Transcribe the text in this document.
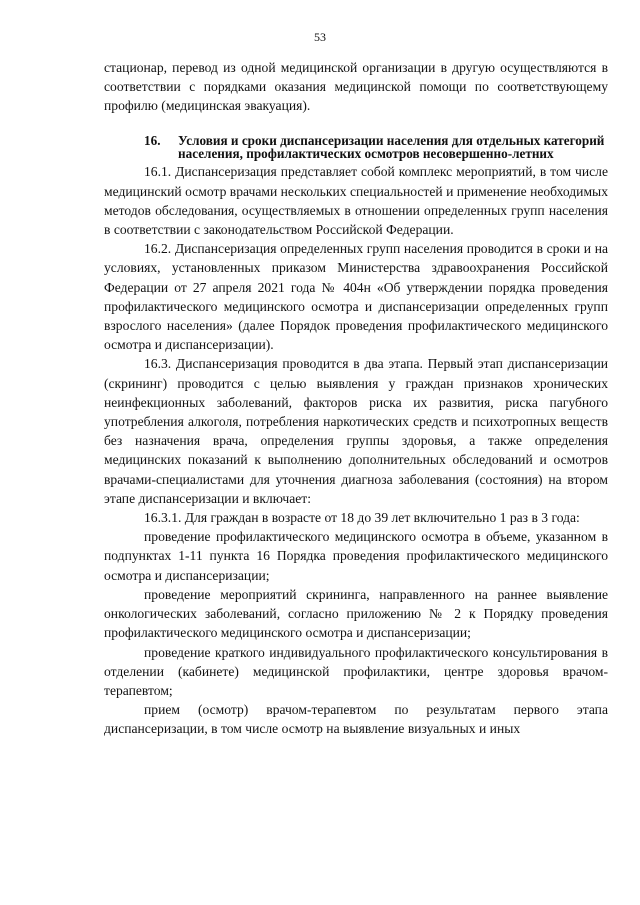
53

стационар, перевод из одной медицинской организации в другую осуществляются в соответствии с порядками оказания медицинской помощи по соответствующему профилю (медицинская эвакуация).

16.	Условия и сроки диспансеризации населения для отдельных категорий населения, профилактических осмотров несовершенно-летних

16.1. Диспансеризация представляет собой комплекс мероприятий, в том числе медицинский осмотр врачами нескольких специальностей и применение необходимых методов обследования, осуществляемых в отношении определенных групп населения в соответствии с законодательством Российской Федерации.

16.2. Диспансеризация определенных групп населения проводится в сроки и на условиях, установленных приказом Министерства здравоохранения Российской Федерации от 27 апреля 2021 года № 404н «Об утверждении порядка проведения профилактического медицинского осмотра и диспансеризации определенных групп взрослого населения» (далее Порядок проведения профилактического медицинского осмотра и диспансеризации).

16.3. Диспансеризация проводится в два этапа. Первый этап диспансеризации (скрининг) проводится с целью выявления у граждан признаков хронических неинфекционных заболеваний, факторов риска их развития, риска пагубного употребления алкоголя, потребления наркотических средств и психотропных веществ без назначения врача, определения группы здоровья, а также определения медицинских показаний к выполнению дополнительных обследований и осмотров врачами-специалистами для уточнения диагноза заболевания (состояния) на втором этапе диспансеризации и включает:

16.3.1. Для граждан в возрасте от 18 до 39 лет включительно 1 раз в 3 года:

проведение профилактического медицинского осмотра в объеме, указанном в подпунктах 1-11 пункта 16 Порядка проведения профилактического медицинского осмотра и диспансеризации;

проведение мероприятий скрининга, направленного на раннее выявление онкологических заболеваний, согласно приложению № 2 к Порядку проведения профилактического медицинского осмотра и диспансеризации;

проведение краткого индивидуального профилактического консультирования в отделении (кабинете) медицинской профилактики, центре здоровья врачом-терапевтом;

прием (осмотр) врачом-терапевтом по результатам первого этапа диспансеризации, в том числе осмотр на выявление визуальных и иных
